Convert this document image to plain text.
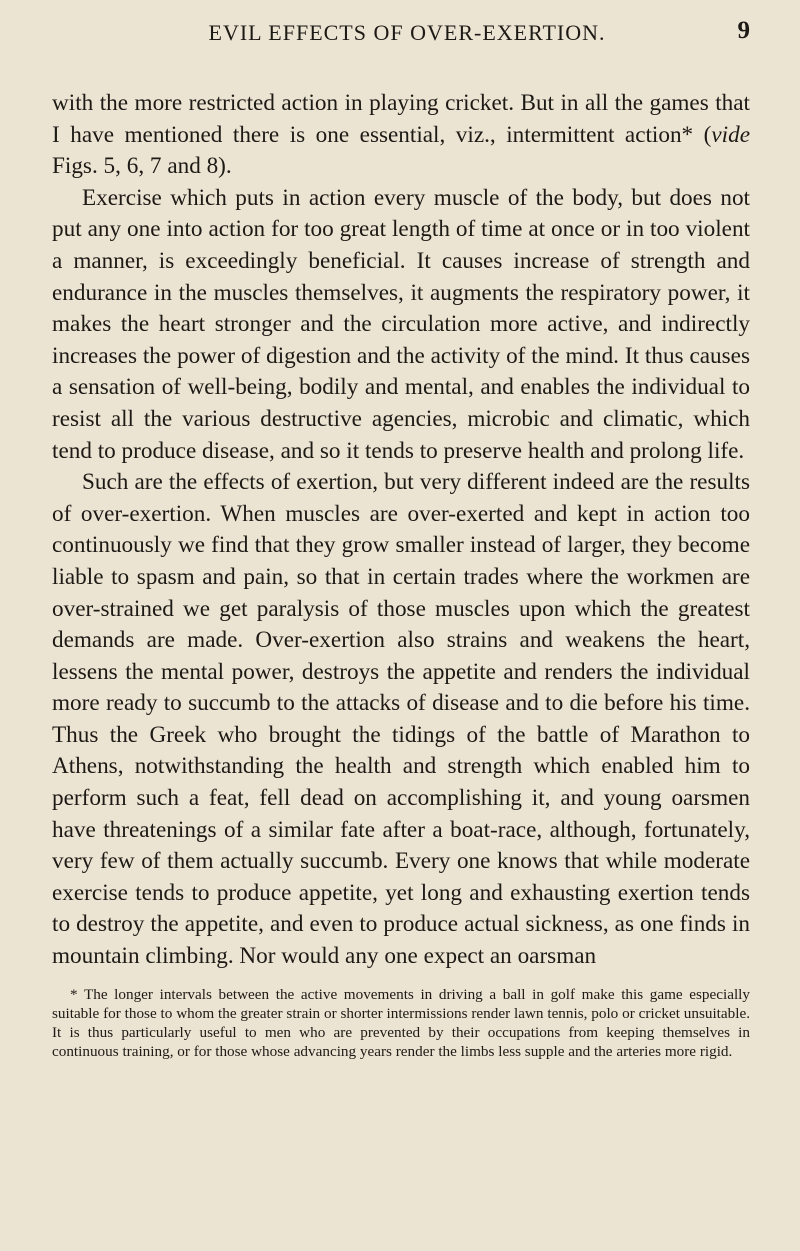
EVIL EFFECTS OF OVER-EXERTION.	9

with the more restricted action in playing cricket. But in all the games that I have mentioned there is one essential, viz., intermittent action* (vide Figs. 5, 6, 7 and 8).

Exercise which puts in action every muscle of the body, but does not put any one into action for too great length of time at once or in too violent a manner, is exceedingly beneficial. It causes increase of strength and endurance in the muscles themselves, it augments the respiratory power, it makes the heart stronger and the circulation more active, and indirectly increases the power of digestion and the activity of the mind. It thus causes a sensation of well-being, bodily and mental, and enables the individual to resist all the various destructive agencies, microbic and climatic, which tend to produce disease, and so it tends to preserve health and prolong life.

Such are the effects of exertion, but very different indeed are the results of over-exertion. When muscles are over-exerted and kept in action too continuously we find that they grow smaller instead of larger, they become liable to spasm and pain, so that in certain trades where the workmen are over-strained we get paralysis of those muscles upon which the greatest demands are made. Over-exertion also strains and weakens the heart, lessens the mental power, destroys the appetite and renders the individual more ready to succumb to the attacks of disease and to die before his time. Thus the Greek who brought the tidings of the battle of Marathon to Athens, notwithstanding the health and strength which enabled him to perform such a feat, fell dead on accomplishing it, and young oarsmen have threatenings of a similar fate after a boat-race, although, fortunately, very few of them actually succumb. Every one knows that while moderate exercise tends to produce appetite, yet long and exhausting exertion tends to destroy the appetite, and even to produce actual sickness, as one finds in mountain climbing. Nor would any one expect an oarsman

* The longer intervals between the active movements in driving a ball in golf make this game especially suitable for those to whom the greater strain or shorter intermissions render lawn tennis, polo or cricket unsuitable. It is thus particularly useful to men who are prevented by their occupations from keeping themselves in continuous training, or for those whose advancing years render the limbs less supple and the arteries more rigid.
